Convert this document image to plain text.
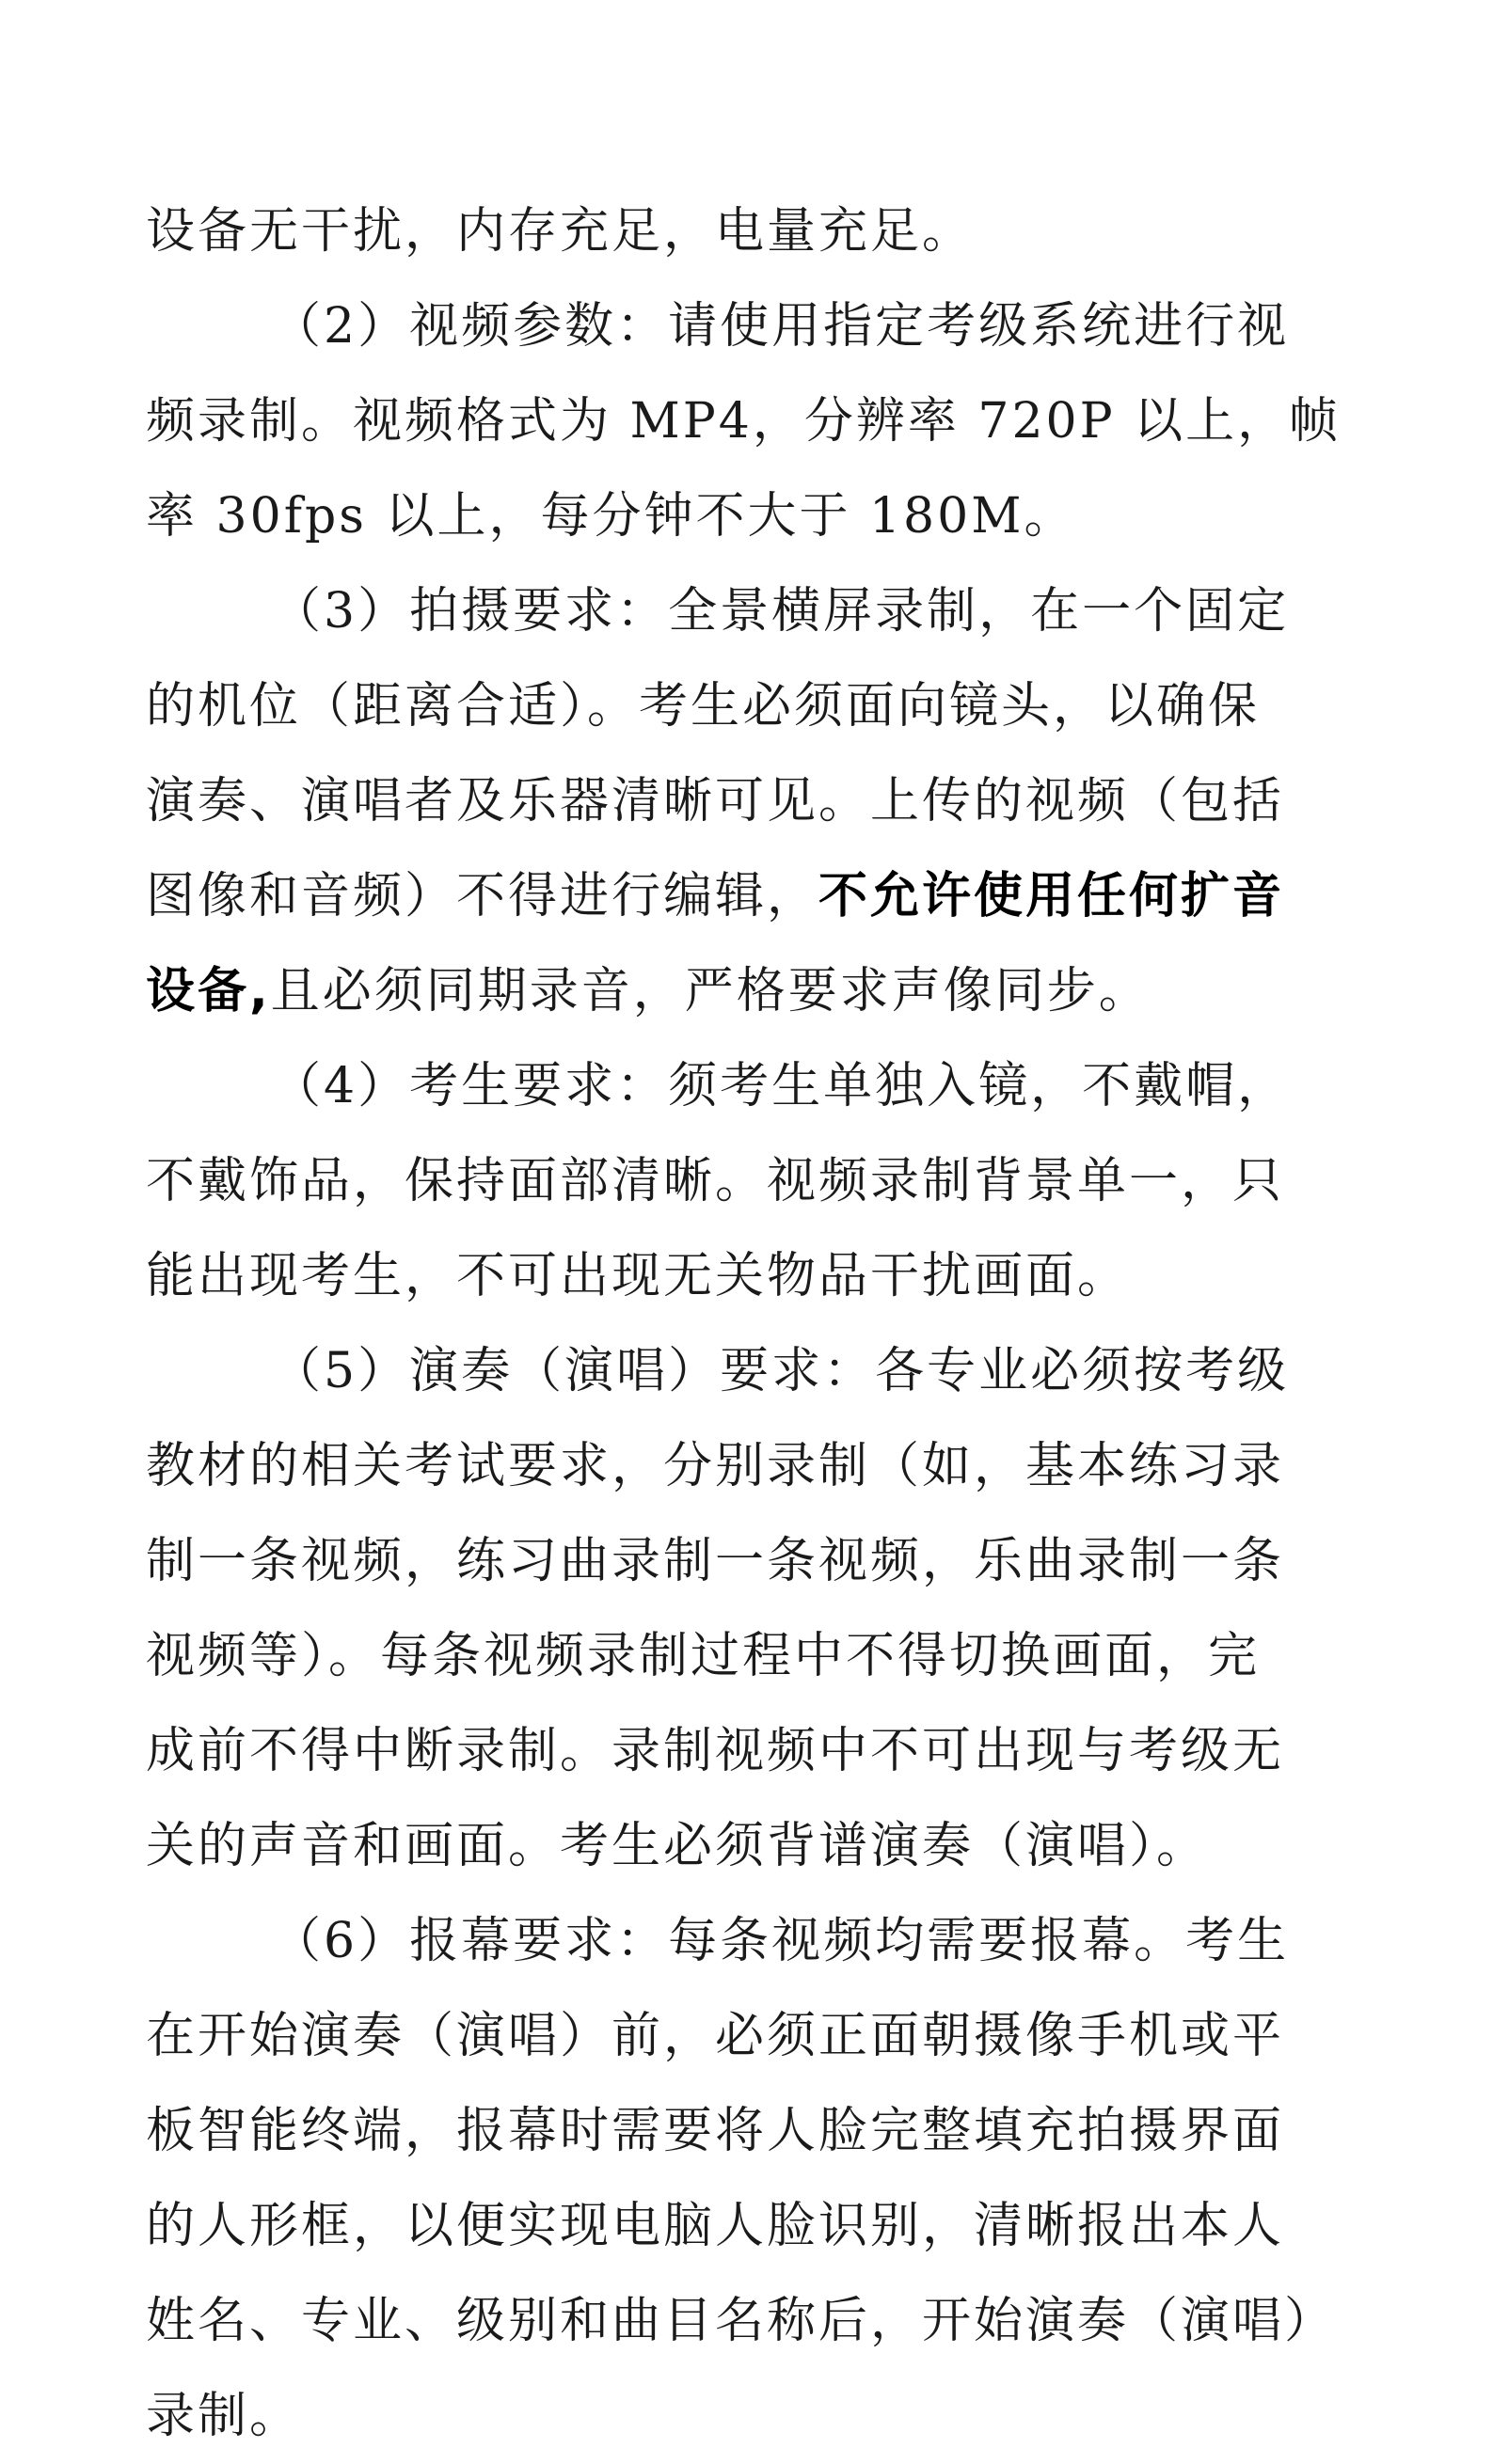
设备无干扰，内存充足，电量充足。
（2）视频参数：请使用指定考级系统进行视
频录制。视频格式为 MP4，分辨率 720P 以上，帧
率 30fps 以上，每分钟不大于 180M。
（3）拍摄要求：全景横屏录制，在一个固定
的机位（距离合适）。考生必须面向镜头，以确保
演奏、演唱者及乐器清晰可见。上传的视频（包括
图像和音频）不得进行编辑，不允许使用任何扩音
设备,且必须同期录音，严格要求声像同步。
（4）考生要求：须考生单独入镜，不戴帽，
不戴饰品，保持面部清晰。视频录制背景单一，只
能出现考生，不可出现无关物品干扰画面。
（5）演奏（演唱）要求：各专业必须按考级
教材的相关考试要求，分别录制（如，基本练习录
制一条视频，练习曲录制一条视频，乐曲录制一条
视频等）。每条视频录制过程中不得切换画面，完
成前不得中断录制。录制视频中不可出现与考级无
关的声音和画面。考生必须背谱演奏（演唱）。
（6）报幕要求：每条视频均需要报幕。考生
在开始演奏（演唱）前，必须正面朝摄像手机或平
板智能终端，报幕时需要将人脸完整填充拍摄界面
的人形框，以便实现电脑人脸识别，清晰报出本人
姓名、专业、级别和曲目名称后，开始演奏（演唱）
录制。
